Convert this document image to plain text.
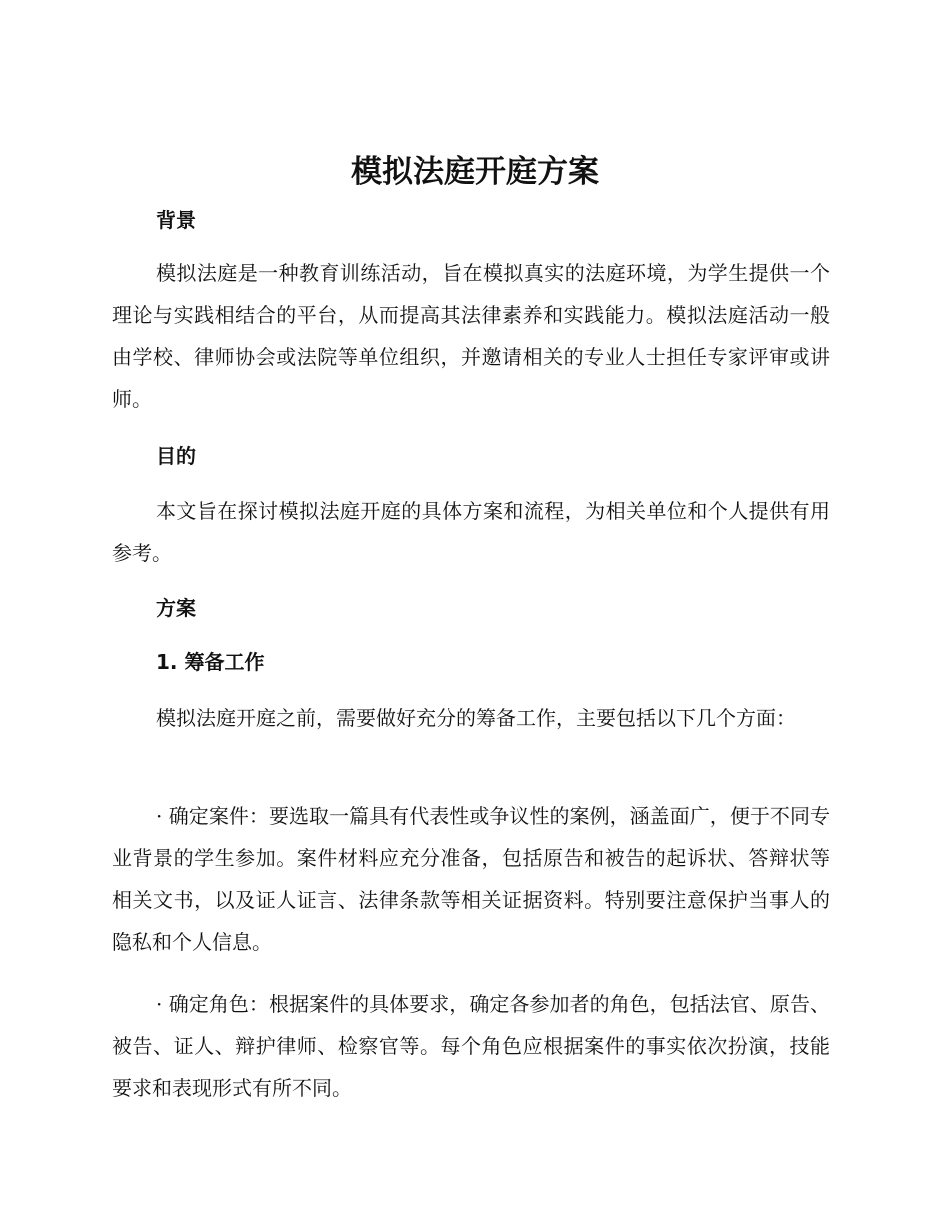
模拟法庭开庭方案
背景

模拟法庭是一种教育训练活动，旨在模拟真实的法庭环境，为学生提供一个理论与实践相结合的平台，从而提高其法律素养和实践能力。模拟法庭活动一般由学校、律师协会或法院等单位组织，并邀请相关的专业人士担任专家评审或讲师。

目的

本文旨在探讨模拟法庭开庭的具体方案和流程，为相关单位和个人提供有用参考。

方案
1. 筹备工作

模拟法庭开庭之前，需要做好充分的筹备工作，主要包括以下几个方面：

· 确定案件：要选取一篇具有代表性或争议性的案例，涵盖面广，便于不同专业背景的学生参加。案件材料应充分准备，包括原告和被告的起诉状、答辩状等相关文书，以及证人证言、法律条款等相关证据资料。特别要注意保护当事人的隐私和个人信息。

· 确定角色：根据案件的具体要求，确定各参加者的角色，包括法官、原告、被告、证人、辩护律师、检察官等。每个角色应根据案件的事实依次扮演，技能要求和表现形式有所不同。
